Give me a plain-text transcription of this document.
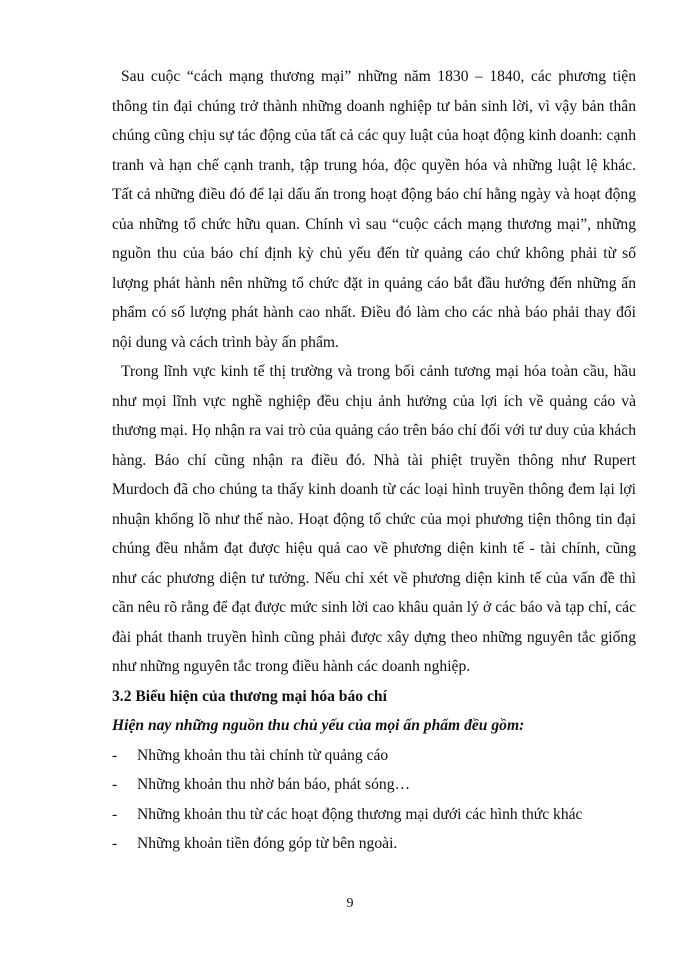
Sau cuộc “cách mạng thương mại” những năm 1830 – 1840, các phương tiện thông tin đại chúng trở thành những doanh nghiệp tư bản sinh lời, vì vậy bản thân chúng cũng chịu sự tác động của tất cả các quy luật của hoạt động kinh doanh: cạnh tranh và hạn chế cạnh tranh, tập trung hóa, độc quyền hóa và những luật lệ khác. Tất cả những điều đó để lại dấu ấn trong hoạt động báo chí hằng ngày và hoạt động của những tổ chức hữu quan. Chính vì sau “cuộc cách mạng thương mại”, những nguồn thu của báo chí định kỳ chủ yếu đến từ quảng cáo chứ không phải từ số lượng phát hành nên những tổ chức đặt in quảng cáo bắt đầu hướng đến những ấn phẩm có số lượng phát hành cao nhất. Điều đó làm cho các nhà báo phải thay đổi nội dung và cách trình bày ấn phẩm.

Trong lĩnh vực kinh tế thị trường và trong bối cảnh tương mại hóa toàn cầu, hầu như mọi lĩnh vực nghề nghiệp đều chịu ảnh hưởng của lợi ích về quảng cáo và thương mại. Họ nhận ra vai trò của quảng cáo trên báo chí đối với tư duy của khách hàng. Báo chí cũng nhận ra điều đó. Nhà tài phiệt truyền thông như Rupert Murdoch đã cho chúng ta thấy kinh doanh từ các loại hình truyền thông đem lại lợi nhuận khổng lồ như thế nào. Hoạt động tổ chức của mọi phương tiện thông tin đại chúng đều nhằm đạt được hiệu quả cao về phương diện kinh tế - tài chính, cũng như các phương diện tư tưởng. Nếu chỉ xét về phương diện kinh tế của vấn đề thì cần nêu rõ rằng để đạt được mức sinh lời cao khâu quản lý ở các báo và tạp chí, các đài phát thanh truyền hình cũng phải được xây dựng theo những nguyên tắc giống như những nguyên tắc trong điều hành các doanh nghiệp.

3.2 Biểu hiện của thương mại hóa báo chí

Hiện nay những nguồn thu chủ yếu của mọi ấn phẩm đều gồm:

- Những khoản thu tài chính từ quảng cáo
- Những khoản thu nhờ bán báo, phát sóng…
- Những khoản thu từ các hoạt động thương mại dưới các hình thức khác
- Những khoản tiền đóng góp từ bên ngoài.
9
